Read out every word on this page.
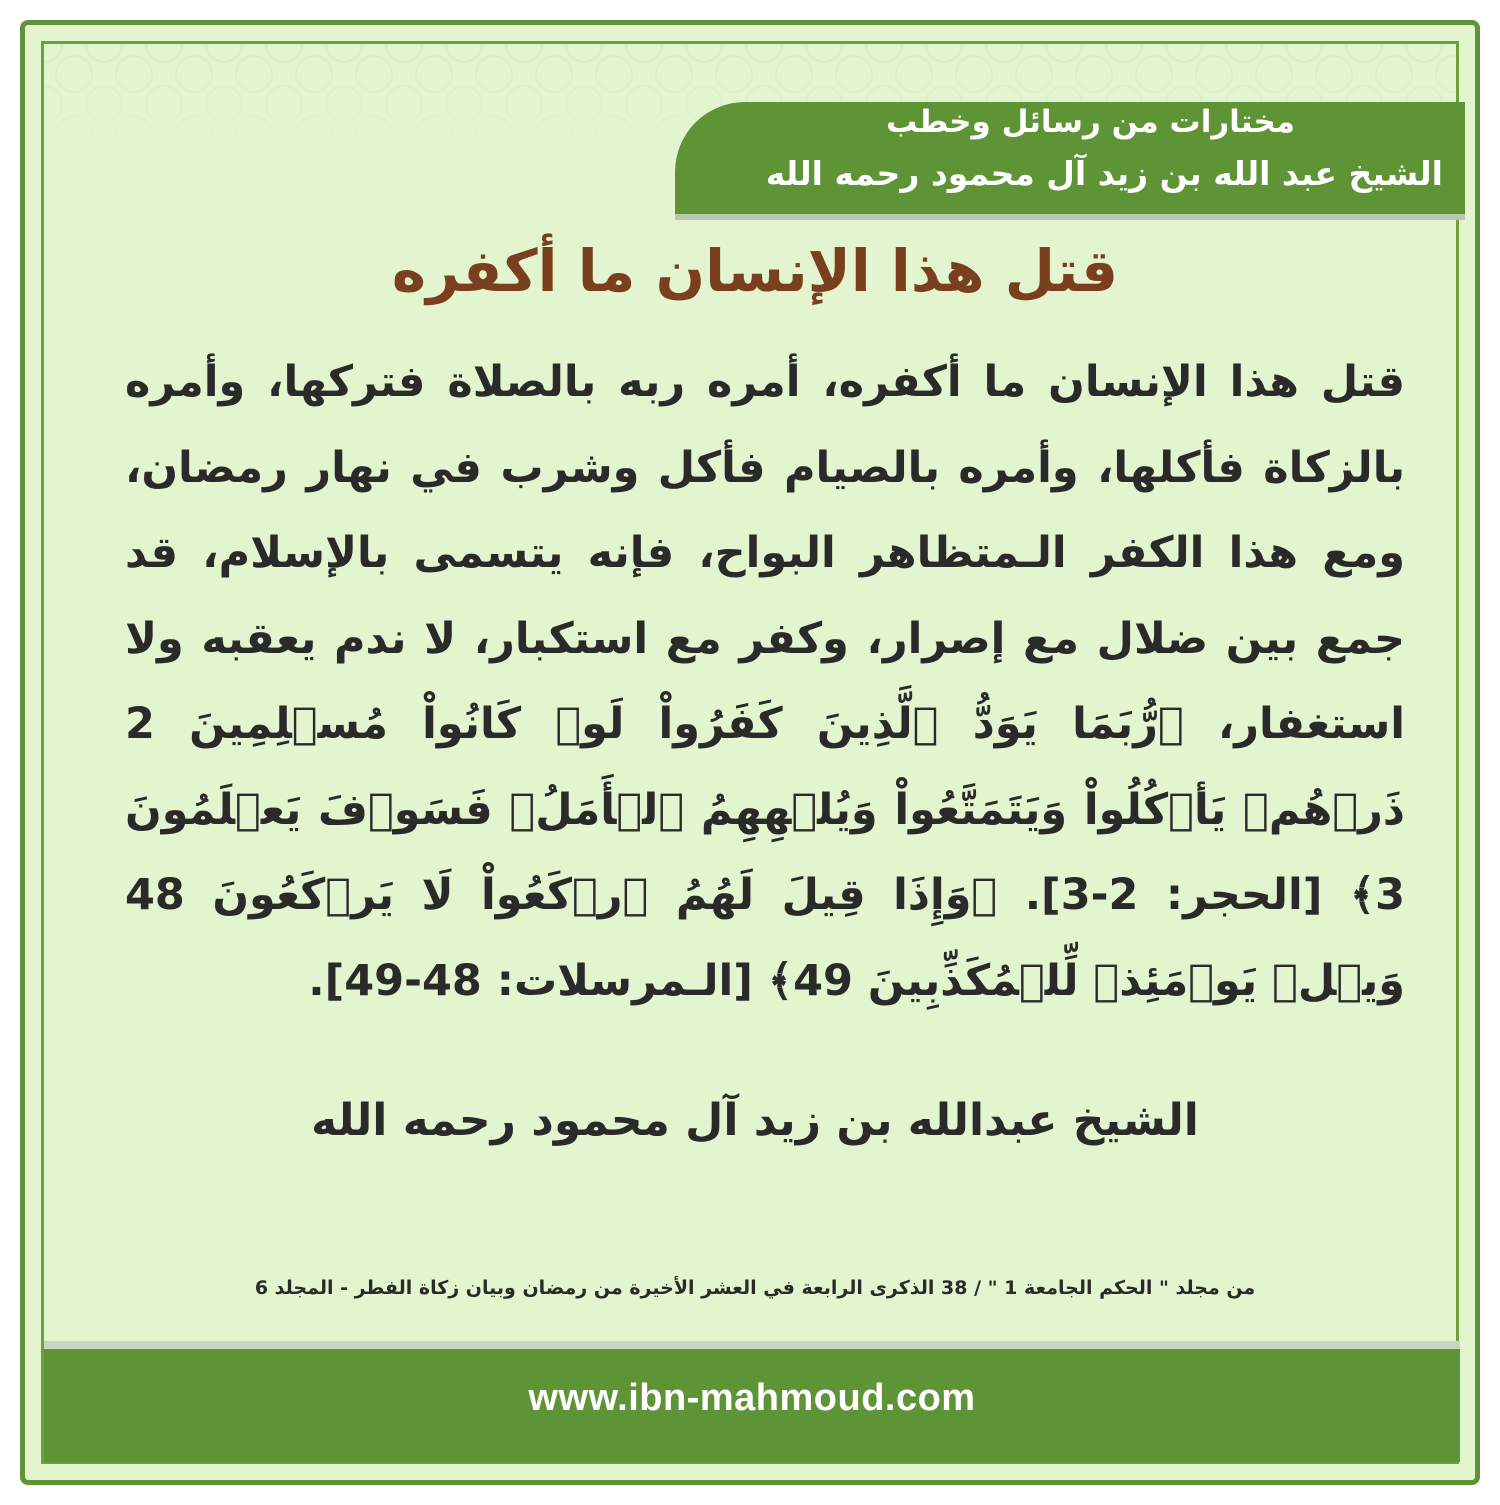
مختارات من رسائل وخطب
الشيخ عبد الله بن زيد آل محمود رحمه الله
قتل هذا الإنسان ما أكفره
قتل هذا الإنسان ما أكفره، أمره ربه بالصلاة فتركها، وأمره بالزكاة فأكلها، وأمره بالصيام فأكل وشرب في نهار رمضان، ومع هذا الكفر الـمتظاهر البواح، فإنه يتسمى بالإسلام، قد جمع بين ضلال مع إصرار، وكفر مع استكبار، لا ندم يعقبه ولا استغفار، ﴿رُّبَمَا يَوَدُّ ٱلَّذِينَ كَفَرُواْ لَوۡ كَانُواْ مُسۡلِمِينَ 2 ذَرۡهُمۡ يَأۡكُلُواْ وَيَتَمَتَّعُواْ وَيُلۡهِهِمُ ٱلۡأَمَلُۖ فَسَوۡفَ يَعۡلَمُونَ 3﴾ [الحجر: 2-3]. ﴿وَإِذَا قِيلَ لَهُمُ ٱرۡكَعُواْ لَا يَرۡكَعُونَ 48 وَيۡلٞ يَوۡمَئِذٖ لِّلۡمُكَذِّبِينَ 49﴾ [الـمرسلات: 48-49].
الشيخ عبدالله بن زيد آل محمود رحمه الله
من مجلد " الحكم الجامعة 1 " / 38 الذكرى الرابعة في العشر الأخيرة من رمضان وبيان زكاة الفطر - المجلد 6
www.ibn-mahmoud.com
